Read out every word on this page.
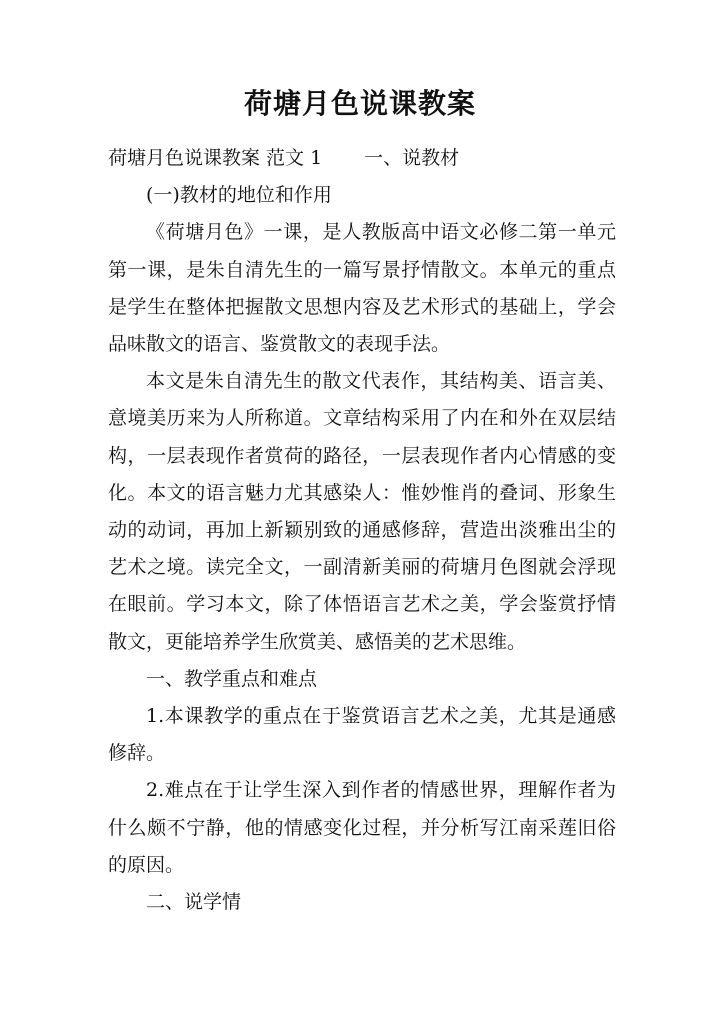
荷塘月色说课教案

荷塘月色说课教案 范文 1 一、说教材

(一)教材的地位和作用

《荷塘月色》一课，是人教版高中语文必修二第一单元第一课，是朱自清先生的一篇写景抒情散文。本单元的重点是学生在整体把握散文思想内容及艺术形式的基础上，学会品味散文的语言、鉴赏散文的表现手法。

本文是朱自清先生的散文代表作，其结构美、语言美、意境美历来为人所称道。文章结构采用了内在和外在双层结构，一层表现作者赏荷的路径，一层表现作者内心情感的变化。本文的语言魅力尤其感染人：惟妙惟肖的叠词、形象生动的动词，再加上新颖别致的通感修辞，营造出淡雅出尘的艺术之境。读完全文，一副清新美丽的荷塘月色图就会浮现在眼前。学习本文，除了体悟语言艺术之美，学会鉴赏抒情散文，更能培养学生欣赏美、感悟美的艺术思维。

一、教学重点和难点

1.本课教学的重点在于鉴赏语言艺术之美，尤其是通感修辞。

2.难点在于让学生深入到作者的情感世界，理解作者为什么颇不宁静，他的情感变化过程，并分析写江南采莲旧俗的原因。

二、说学情
